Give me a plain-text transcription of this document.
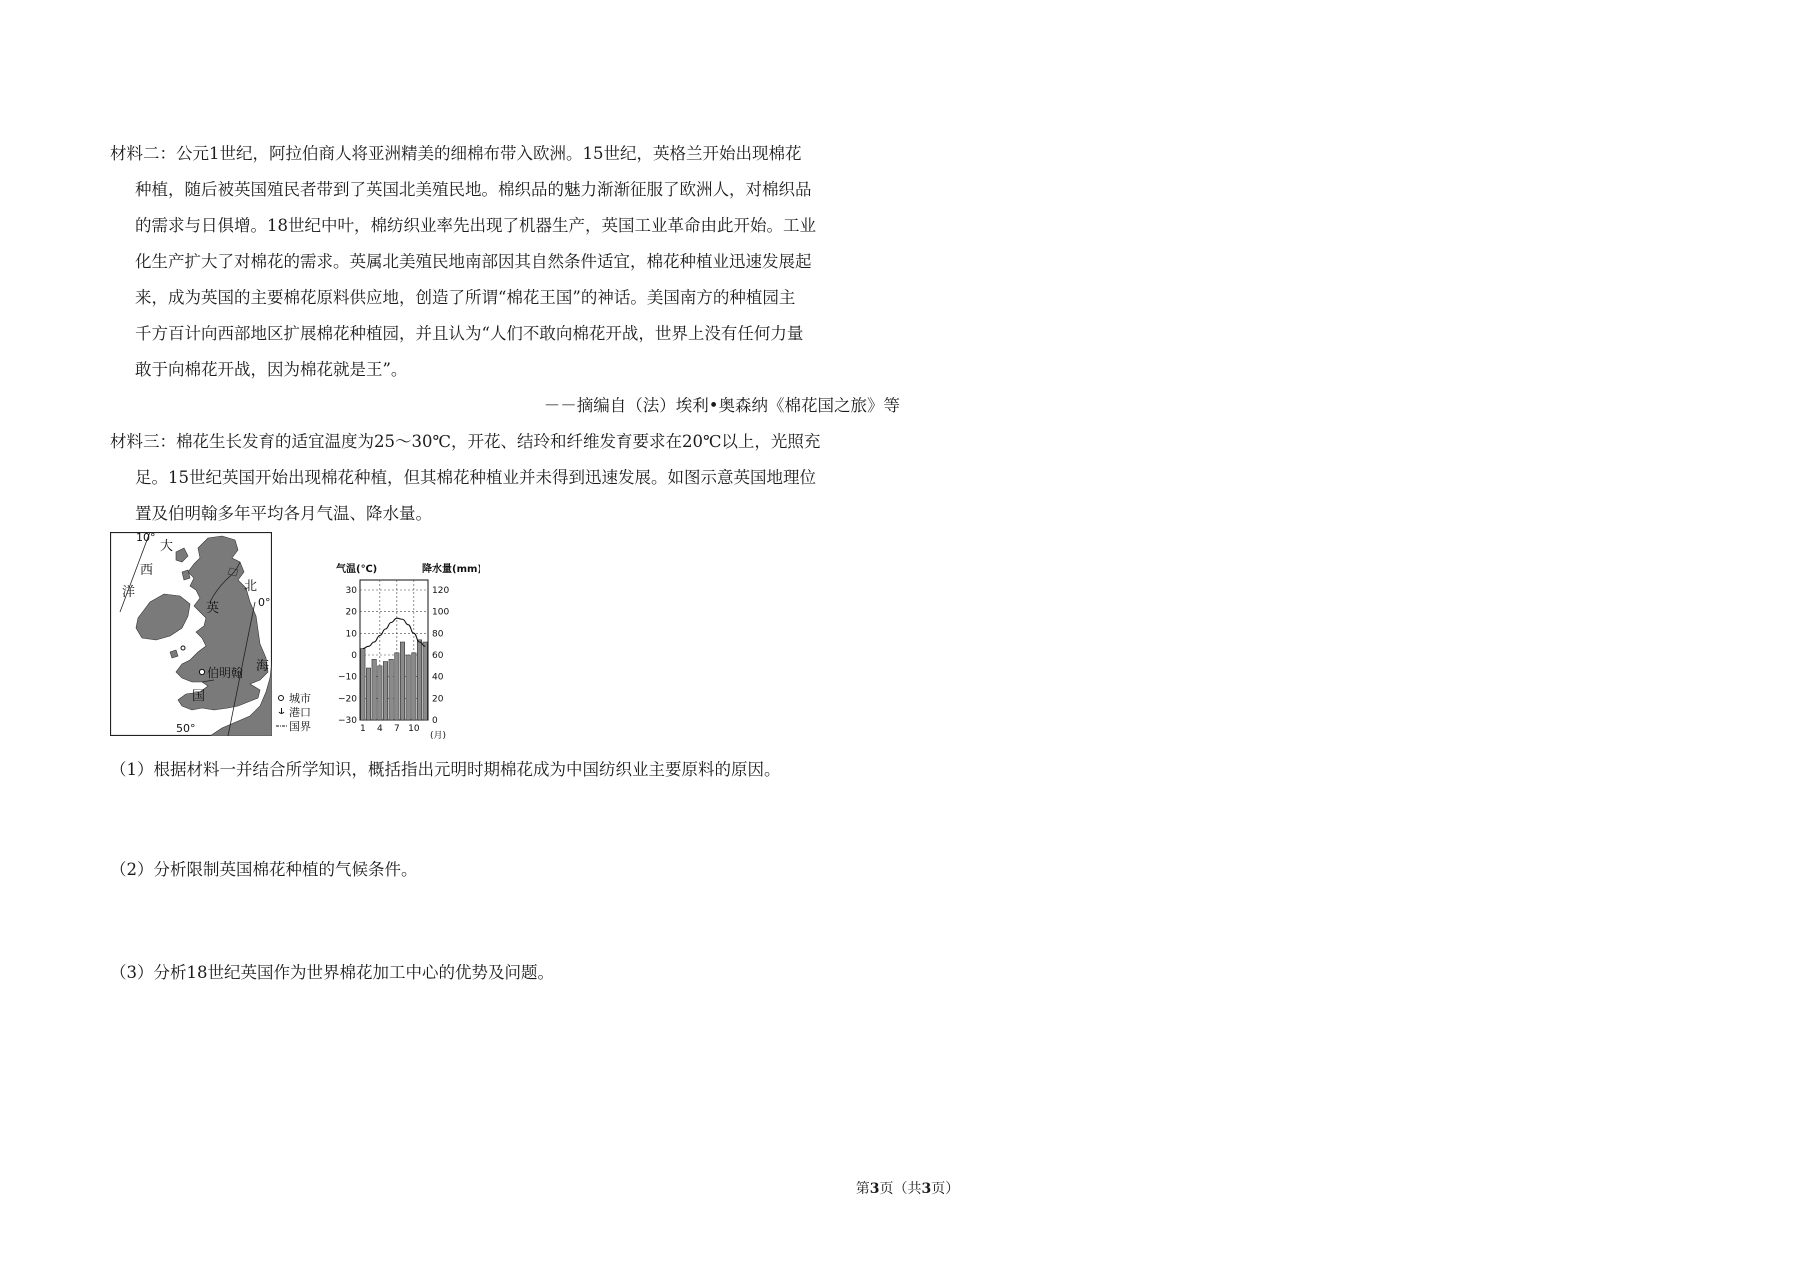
材料二：公元1世纪，阿拉伯商人将亚洲精美的细棉布带入欧洲。15世纪，英格兰开始出现棉花
种植，随后被英国殖民者带到了英国北美殖民地。棉织品的魅力渐渐征服了欧洲人，对棉织品
的需求与日俱增。18世纪中叶，棉纺织业率先出现了机器生产，英国工业革命由此开始。工业
化生产扩大了对棉花的需求。英属北美殖民地南部因其自然条件适宜，棉花种植业迅速发展起
来，成为英国的主要棉花原料供应地，创造了所谓“棉花王国”的神话。美国南方的种植园主
千方百计向西部地区扩展棉花种植园，并且认为“人们不敢向棉花开战，世界上没有任何力量
敢于向棉花开战，因为棉花就是王”。
－－摘编自（法）埃利•奥森纳《棉花国之旅》等
材料三：棉花生长发育的适宜温度为25～30℃，开花、结玲和纤维发育要求在20℃以上，光照充
足。15世纪英国开始出现棉花种植，但其棉花种植业并未得到迅速发展。如图示意英国地理位
置及伯明翰多年平均各月气温、降水量。
10°
0°
50°
大
西
洋	北
海
英
国
伯明翰
城市
港口
国界
气温(℃)	降水量(mm)
30	120
20	100
10	80
0	60
−10	40
−20	20
−30	0
1 4 7 10
(月)
（1）根据材料一并结合所学知识，概括指出元明时期棉花成为中国纺织业主要原料的原因。
（2）分析限制英国棉花种植的气候条件。
（3）分析18世纪英国作为世界棉花加工中心的优势及问题。
第3页（共3页）
